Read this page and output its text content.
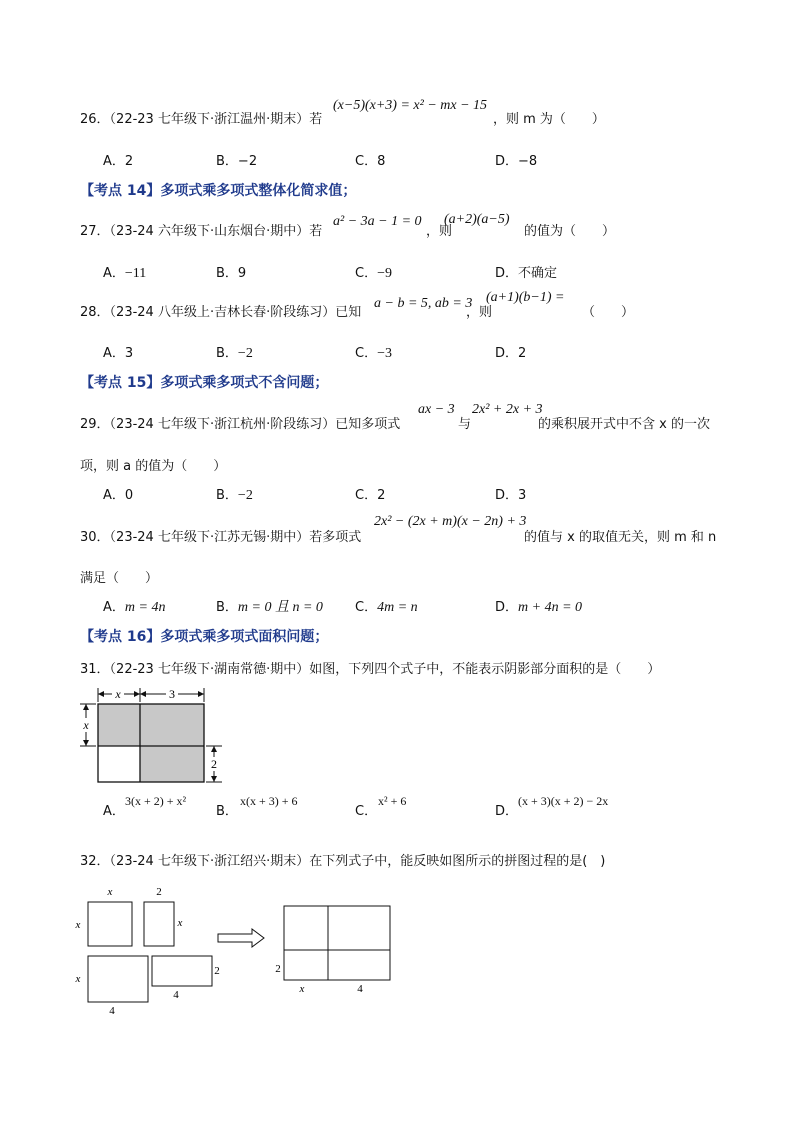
26．（22-23 七年级下·浙江温州·期末）若
(x−5)(x+3) = x² − mx − 15
，则 m 为（　　）
A．2	B．−2	C．8	D．−8
【考点 14】多项式乘多项式整体化简求值；
27．（23-24 六年级下·山东烟台·期中）若
a² − 3a − 1 = 0
，则
(a+2)(a−5)
的值为（　　）
A．−11	B．9	C．−9	D．不确定
28．（23-24 八年级上·吉林长春·阶段练习）已知
a − b = 5, ab = 3
，则
(a+1)(b−1) =
（　　）
A．3	B．−2	C．−3	D．2
【考点 15】多项式乘多项式不含问题；
29．（23-24 七年级下·浙江杭州·阶段练习）已知多项式
ax − 3
与
2x² + 2x + 3
的乘积展开式中不含 x 的一次
项，则 a 的值为（　　）
A．0	B．−2	C．2	D．3
30．（23-24 七年级下·江苏无锡·期中）若多项式
2x² − (2x + m)(x − 2n) + 3
的值与 x 的取值无关，则 m 和 n
满足（　　）
A．m = 4n	B．m = 0 且 n = 0 C．4m = n	D．m + 4n = 0
【考点 16】多项式乘多项式面积问题；
31．（22-23 七年级下·湖南常德·期中）如图，下列四个式子中，不能表示阴影部分面积的是（　　）
x	3
x
2
A．
3(x + 2) + x²
B．
x(x + 3) + 6
C．
x² + 6
D．
(x + 3)(x + 2) − 2x
32．（23-24 七年级下·浙江绍兴·期末）在下列式子中，能反映如图所示的拼图过程的是(　)
x
x
2
x
x
4
2
4
2
x	4
